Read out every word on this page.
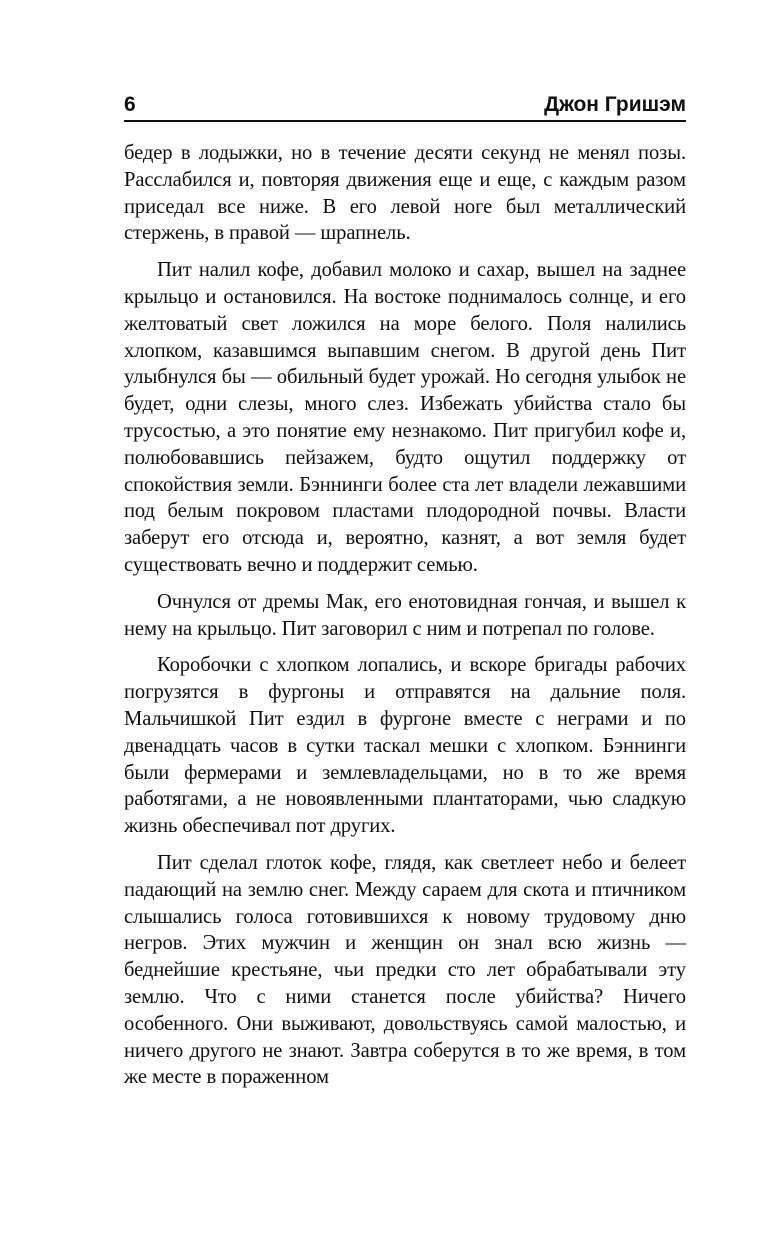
6	Джон Гришэм

бедер в лодыжки, но в течение десяти секунд не менял позы. Расслабился и, повторяя движения еще и еще, с каждым разом приседал все ниже. В его левой ноге был металлический стержень, в правой — шрапнель.

Пит налил кофе, добавил молоко и сахар, вышел на заднее крыльцо и остановился. На востоке поднималось солнце, и его желтоватый свет ложился на море белого. Поля налились хлопком, казавшимся выпавшим снегом. В другой день Пит улыбнулся бы — обильный будет урожай. Но сегодня улыбок не будет, одни слезы, много слез. Избежать убийства стало бы трусостью, а это понятие ему незнакомо. Пит пригубил кофе и, полюбовавшись пейзажем, будто ощутил поддержку от спокойствия земли. Бэннинги более ста лет владели лежавшими под белым покровом пластами плодородной почвы. Власти заберут его отсюда и, вероятно, казнят, а вот земля будет существовать вечно и поддержит семью.

Очнулся от дремы Мак, его енотовидная гончая, и вышел к нему на крыльцо. Пит заговорил с ним и потрепал по голове.

Коробочки с хлопком лопались, и вскоре бригады рабочих погрузятся в фургоны и отправятся на дальние поля. Мальчишкой Пит ездил в фургоне вместе с неграми и по двенадцать часов в сутки таскал мешки с хлопком. Бэннинги были фермерами и землевладельцами, но в то же время работягами, а не новоявленными плантаторами, чью сладкую жизнь обеспечивал пот других.

Пит сделал глоток кофе, глядя, как светлеет небо и белеет падающий на землю снег. Между сараем для скота и птичником слышались голоса готовившихся к новому трудовому дню негров. Этих мужчин и женщин он знал всю жизнь — беднейшие крестьяне, чьи предки сто лет обрабатывали эту землю. Что с ними станется после убийства? Ничего особенного. Они выживают, довольствуясь самой малостью, и ничего другого не знают. Завтра соберутся в то же время, в том же месте в пораженном
